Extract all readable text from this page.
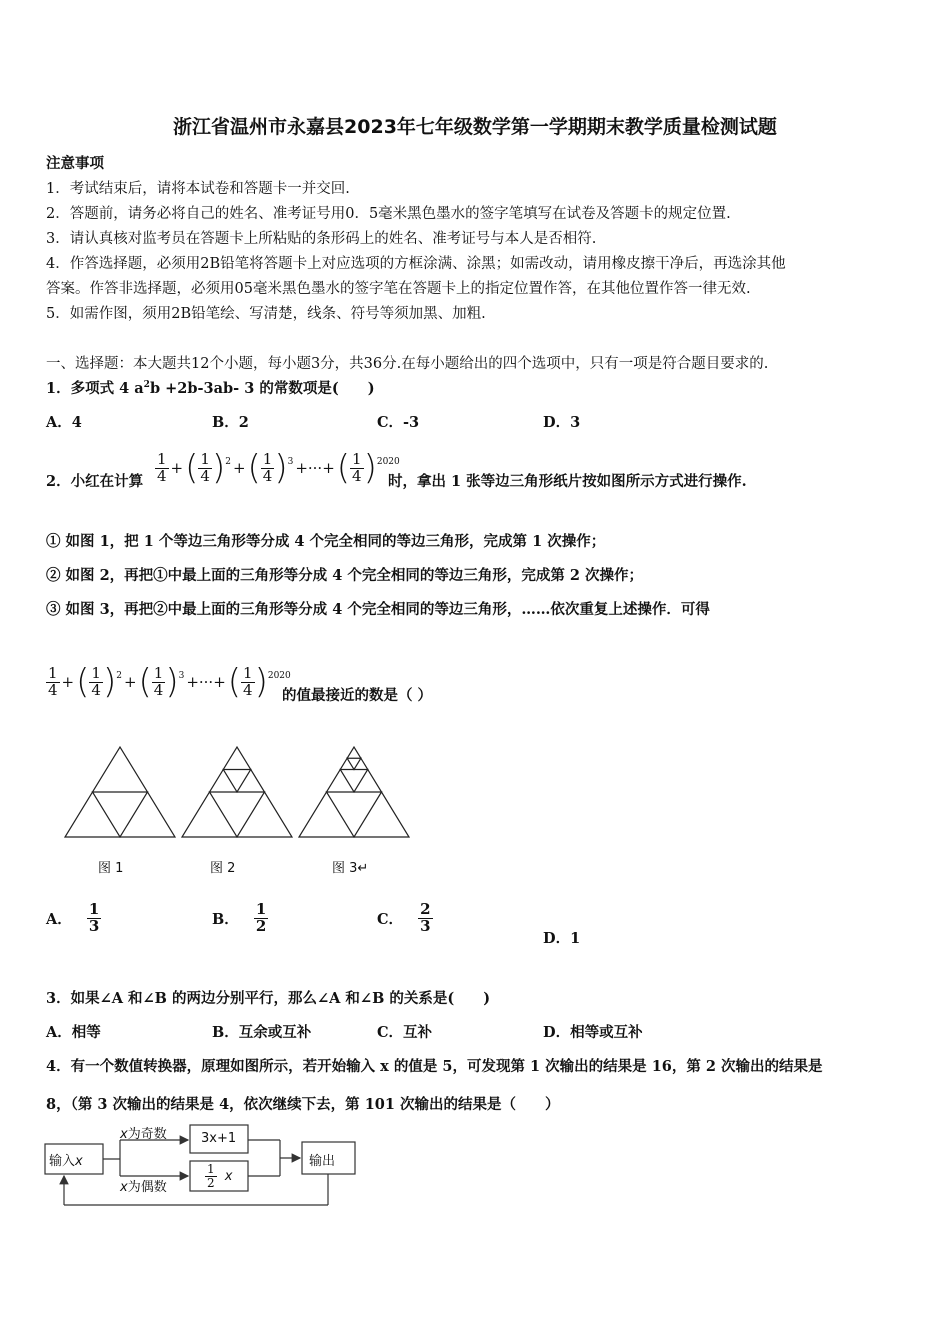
浙江省温州市永嘉县2023年七年级数学第一学期期末教学质量检测试题
注意事项
1．考试结束后，请将本试卷和答题卡一并交回.
2．答题前，请务必将自己的姓名、准考证号用0．5毫米黑色墨水的签字笔填写在试卷及答题卡的规定位置.
3．请认真核对监考员在答题卡上所粘贴的条形码上的姓名、准考证号与本人是否相符.
4．作答选择题，必须用2B铅笔将答题卡上对应选项的方框涂满、涂黑；如需改动，请用橡皮擦干净后，再选涂其他
答案。作答非选择题，必须用05毫米黑色墨水的签字笔在答题卡上的指定位置作答，在其他位置作答一律无效.
5．如需作图，须用2B铅笔绘、写清楚，线条、符号等须加黑、加粗.
一、选择题：本大题共12个小题，每小题3分，共36分.在每小题给出的四个选项中，只有一项是符合题目要求的.
1．多项式 4 $a^2b +2b-3ab-$ 3 的常数项是(　　)
A．4	B．2	C．-3	D．3
2．小红在计算 $\frac{1}{4}$ + ( $\frac{1}{4}$ ) 2 + ( $\frac{1}{4}$ ) 3 +···+ ( $\frac{1}{4}$ ) 2020
时，拿出 1 张等边三角形纸片按如图所示方式进行操作.
① 如图 1，把 1 个等边三角形等分成 4 个完全相同的等边三角形，完成第 1 次操作；
② 如图 2，再把①中最上面的三角形等分成 4 个完全相同的等边三角形，完成第 2 次操作；
③ 如图 3，再把②中最上面的三角形等分成 4 个完全相同的等边三角形，……依次重复上述操作．可得
$\frac{1}{4}$ + ( $\frac{1}{4}$ ) 2 + ( $\frac{1}{4}$ ) 3 +···+ ( $\frac{1}{4}$ ) 2020
的值最接近的数是（ ）
图 1	图 2	图 3↵
A． $\frac{1}{3}$	B． $\frac{1}{2}$	C． $\frac{2}{3}$
D．1
3．如果∠A 和∠B 的两边分别平行，那么∠A 和∠B 的关系是(　　)
A．相等	B．互余或互补	C．互补	D．相等或互补
4．有一个数值转换器，原理如图所示，若开始输入 x 的值是 5，可发现第 1 次输出的结果是 16，第 2 次输出的结果是
8，（第 3 次输出的结果是 4，依次继续下去，第 101 次输出的结果是（　　）
输入x
x为奇数
x为偶数
3x+1
$\frac{1}{2}$ x
输出
